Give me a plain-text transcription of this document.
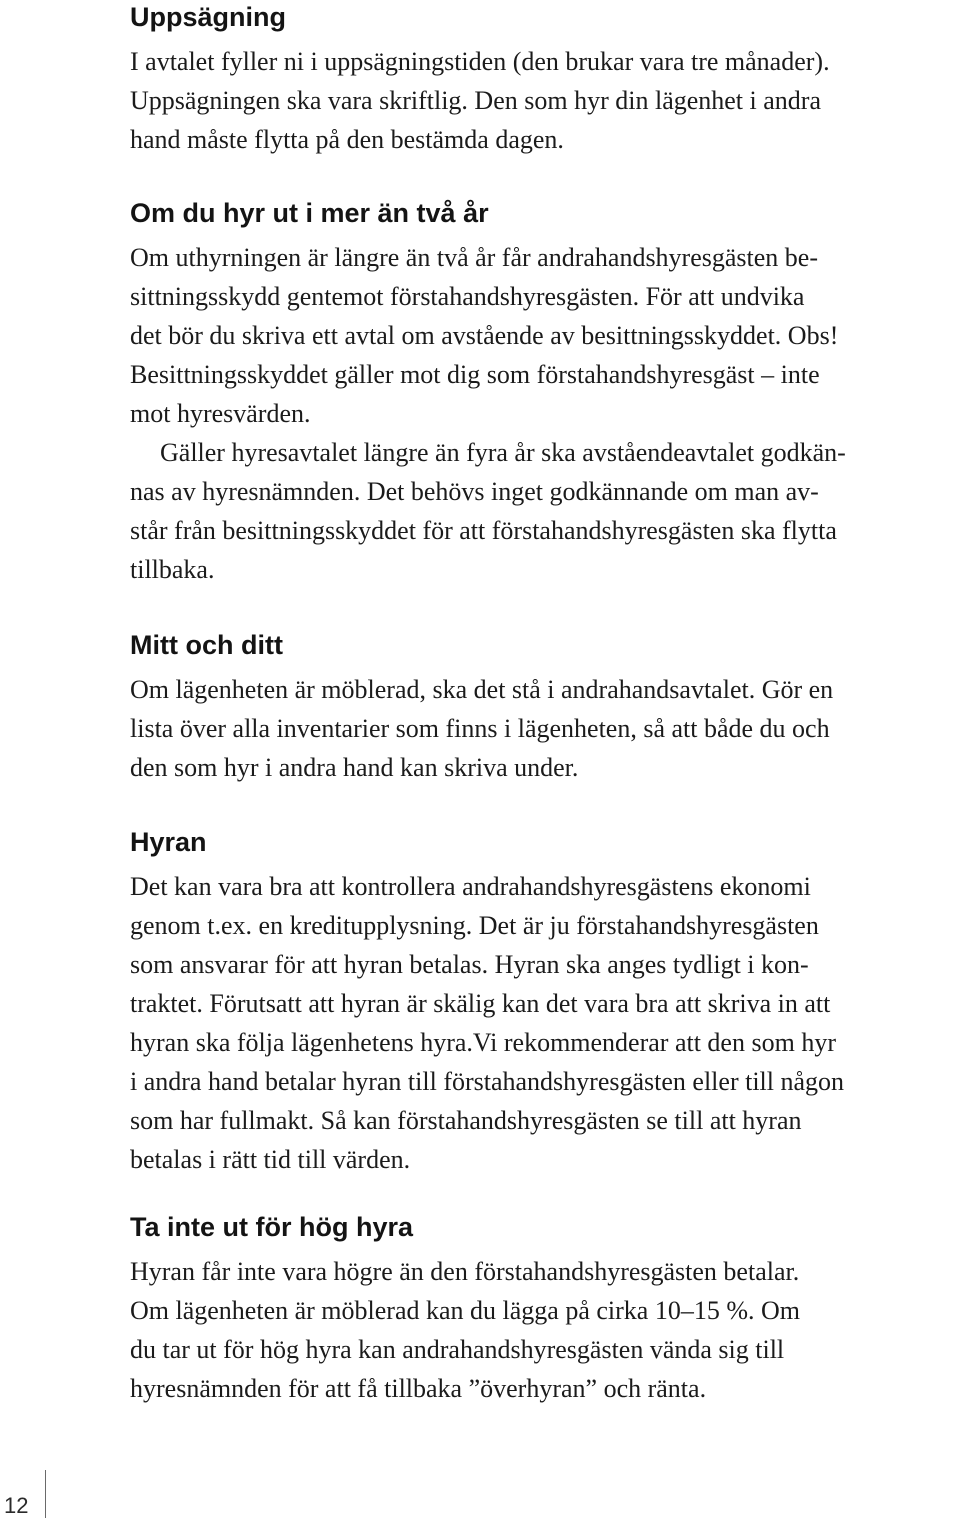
Uppsägning
I avtalet fyller ni i uppsägningstiden (den brukar vara tre månader).
Uppsägningen ska vara skriftlig. Den som hyr din lägenhet i andra
hand måste flytta på den bestämda dagen.
Om du hyr ut i mer än två år
Om uthyrningen är längre än två år får andrahandshyresgästen be-
sittningsskydd gentemot förstahandshyresgästen. För att undvika
det bör du skriva ett avtal om avstående av besittningsskyddet. Obs!
Besittningsskyddet gäller mot dig som förstahandshyresgäst – inte
mot hyresvärden.
Gäller hyresavtalet längre än fyra år ska avståendeavtalet godkän-
nas av hyresnämnden. Det behövs inget godkännande om man av-
står från besittningsskyddet för att förstahandshyresgästen ska flytta
tillbaka.
Mitt och ditt
Om lägenheten är möblerad, ska det stå i andrahandsavtalet. Gör en
lista över alla inventarier som finns i lägenheten, så att både du och
den som hyr i andra hand kan skriva under.
Hyran
Det kan vara bra att kontrollera andrahandshyresgästens ekonomi
genom t.ex. en kreditupplysning. Det är ju förstahandshyresgästen
som ansvarar för att hyran betalas. Hyran ska anges tydligt i kon-
traktet. Förutsatt att hyran är skälig kan det vara bra att skriva in att
hyran ska följa lägenhetens hyra.Vi rekommenderar att den som hyr
i andra hand betalar hyran till förstahandshyresgästen eller till någon
som har fullmakt. Så kan förstahandshyresgästen se till att hyran
betalas i rätt tid till värden.
Ta inte ut för hög hyra
Hyran får inte vara högre än den förstahandshyresgästen betalar.
Om lägenheten är möblerad kan du lägga på cirka 10–15 %. Om
du tar ut för hög hyra kan andrahandshyresgästen vända sig till
hyresnämnden för att få tillbaka ”överhyran” och ränta.
12
